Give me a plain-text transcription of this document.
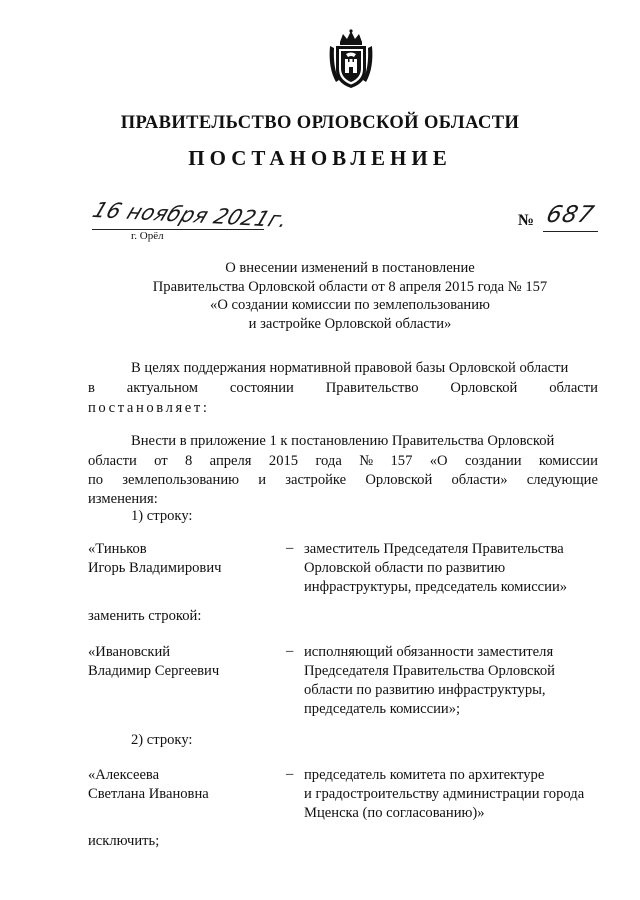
ПРАВИТЕЛЬСТВО ОРЛОВСКОЙ ОБЛАСТИ
ПОСТАНОВЛЕНИЕ
16 ноября 2021г.
г. Орёл
№ 687
О внесении изменений в постановление
Правительства Орловской области от 8 апреля 2015 года № 157
«О создании комиссии по землепользованию
и застройке Орловской области»
В целях поддержания нормативной правовой базы Орловской области
в актуальном состоянии Правительство Орловской области
постановляет:
Внести в приложение 1 к постановлению Правительства Орловской
области от 8 апреля 2015 года № 157 «О создании комиссии
по землепользованию и застройке Орловской области» следующие
изменения:
1) строку:
«Тиньков
Игорь Владимирович
– заместитель Председателя Правительства
Орловской области по развитию
инфраструктуры, председатель комиссии»
заменить строкой:
«Ивановский
Владимир Сергеевич
– исполняющий обязанности заместителя
Председателя Правительства Орловской
области по развитию инфраструктуры,
председатель комиссии»;
2) строку:
«Алексеева
Светлана Ивановна
– председатель комитета по архитектуре
и градостроительству администрации города
Мценска (по согласованию)»
исключить;
